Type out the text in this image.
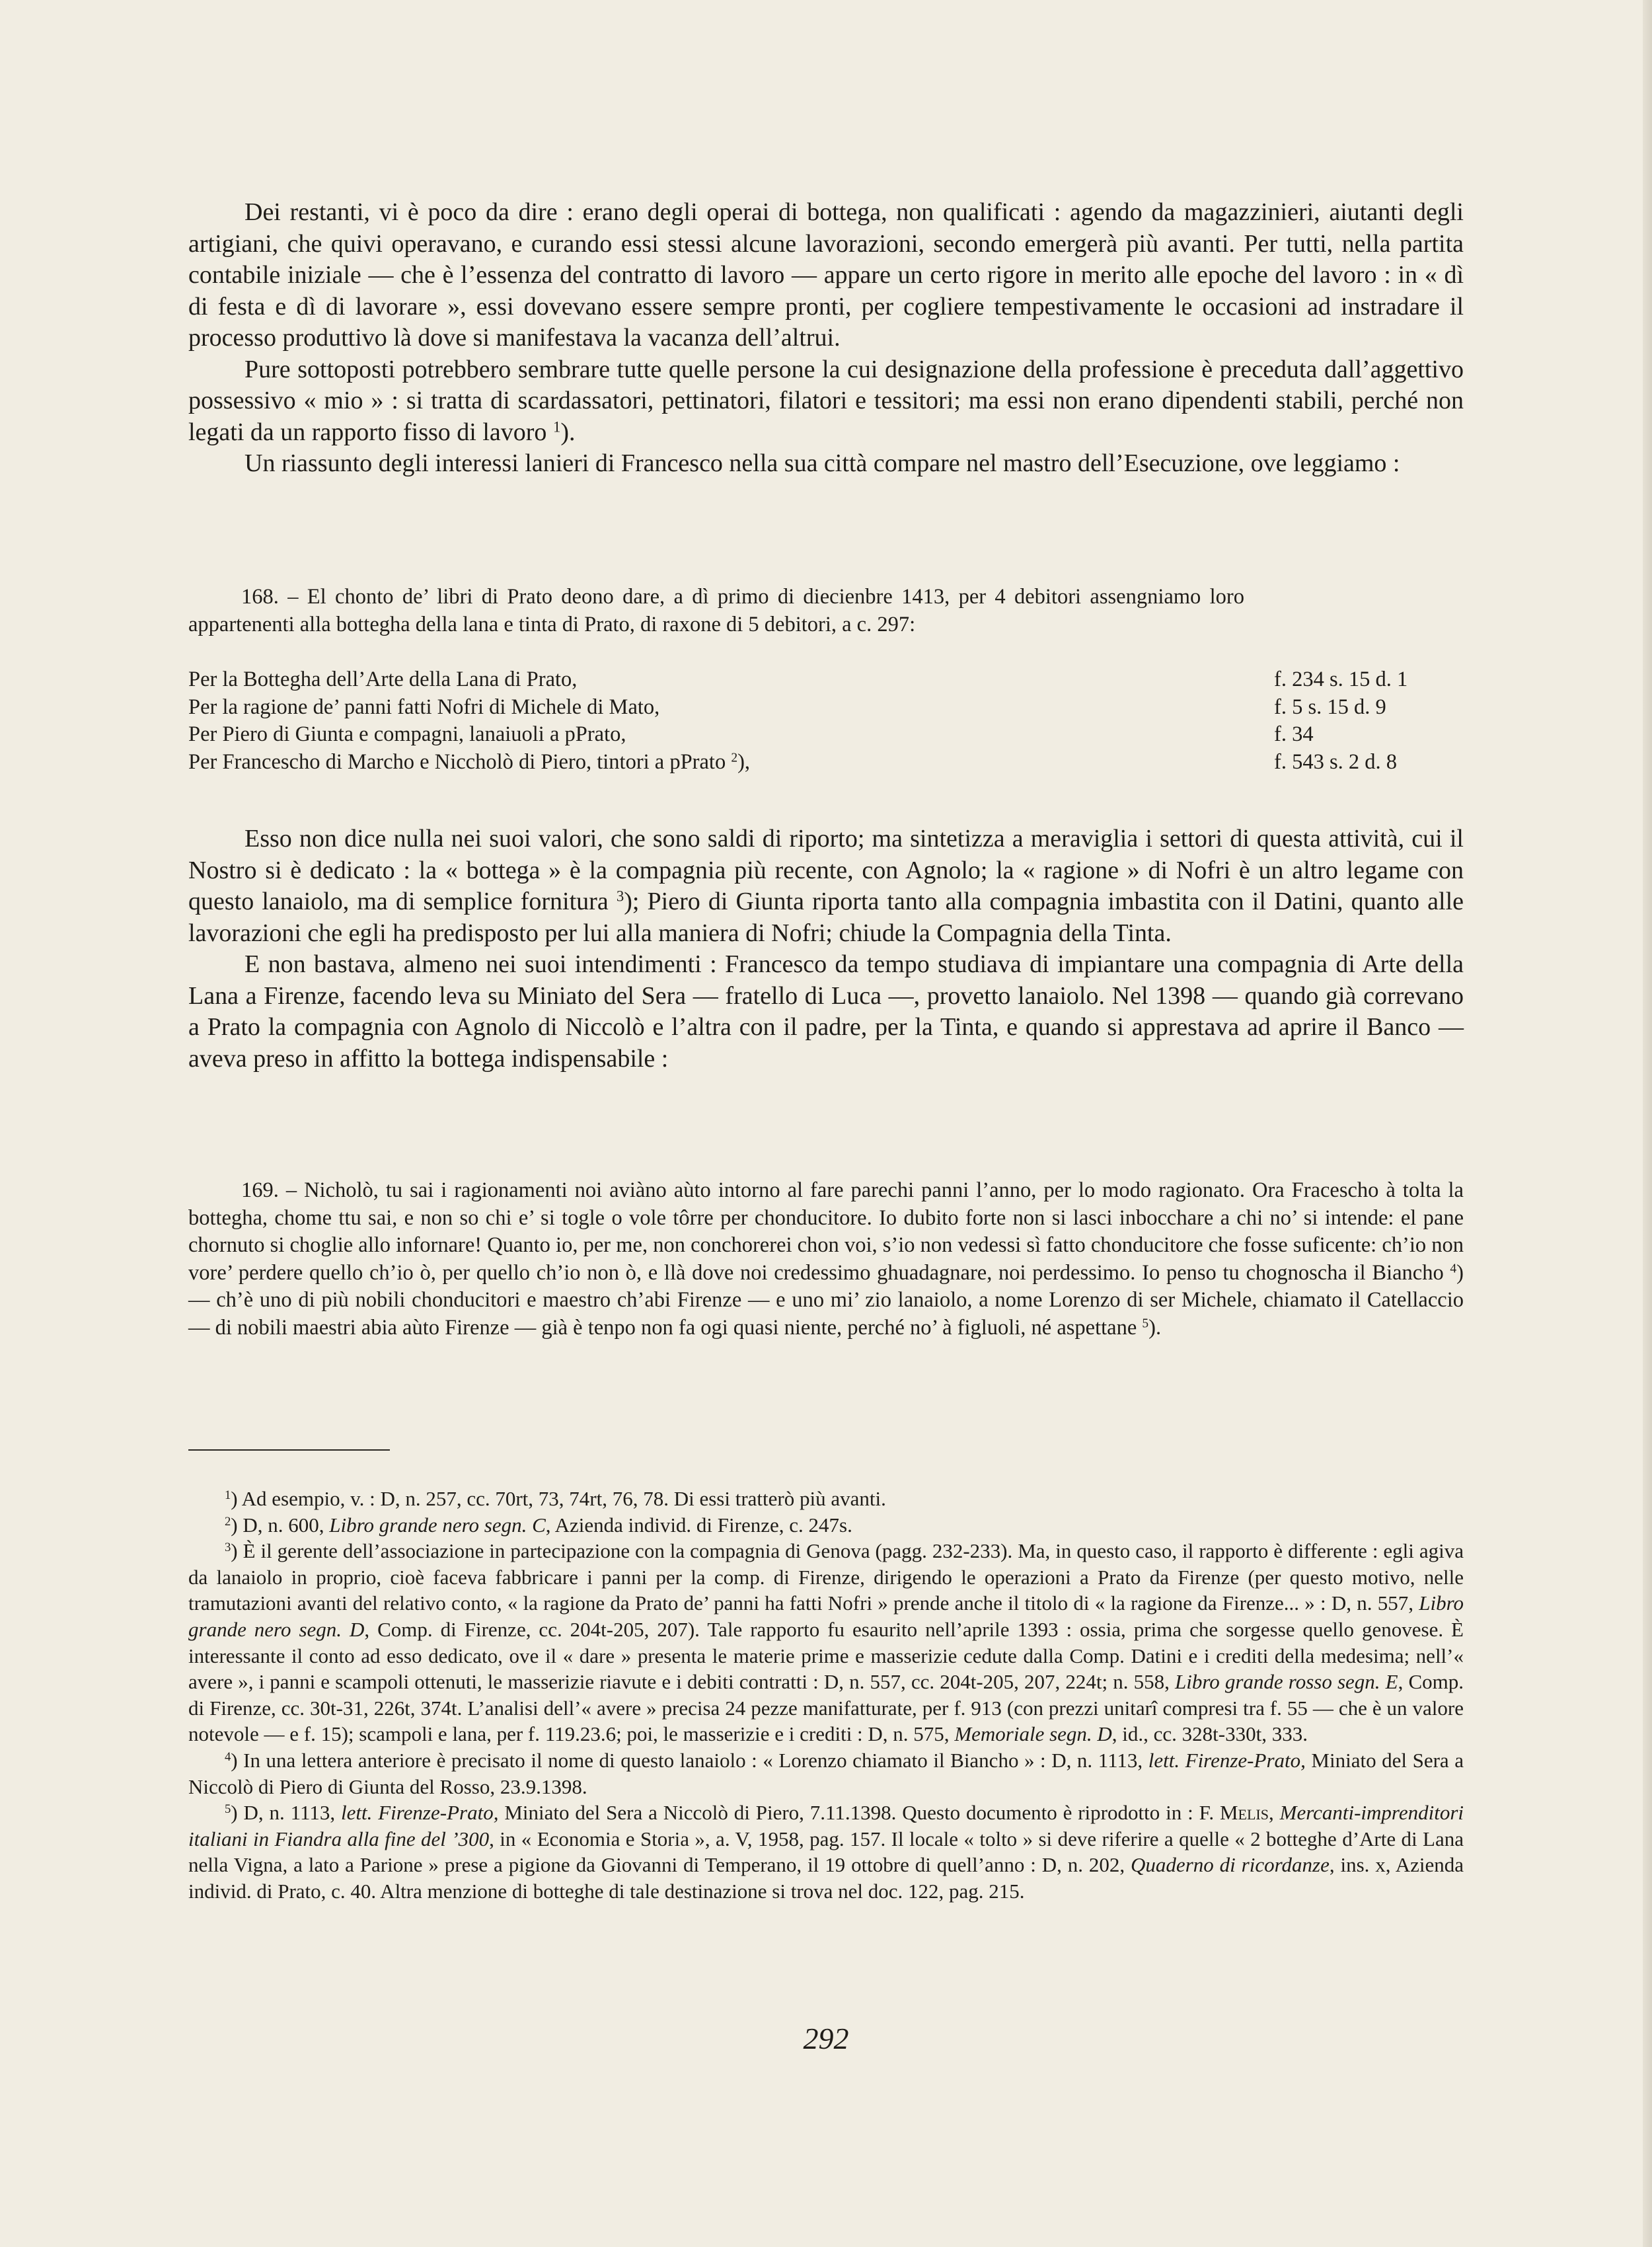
Dei restanti, vi è poco da dire : erano degli operai di bottega, non qualificati : agendo da magazzinieri, aiutanti degli artigiani, che quivi operavano, e curando essi stessi alcune lavorazioni, secondo emergerà più avanti. Per tutti, nella partita contabile iniziale — che è l’essenza del contratto di lavoro — appare un certo rigore in merito alle epoche del lavoro : in « dì di festa e dì di lavorare », essi dovevano essere sempre pronti, per cogliere tempestivamente le occasioni ad instradare il processo produttivo là dove si manifestava la vacanza dell’altrui.

Pure sottoposti potrebbero sembrare tutte quelle persone la cui designazione della professione è preceduta dall’aggettivo possessivo « mio » : si tratta di scardassatori, pettinatori, filatori e tessitori; ma essi non erano dipendenti stabili, perché non legati da un rapporto fisso di lavoro $^1$).

Un riassunto degli interessi lanieri di Francesco nella sua città compare nel mastro dell’Esecuzione, ove leggiamo :

168. – El chonto de’ libri di Prato deono dare, a dì primo di diecienbre 1413, per 4 debitori assengniamo loro appartenenti alla bottegha della lana e tinta di Prato, di raxone di 5 debitori, a c. 297:

Per la Bottegha dell’Arte della Lana di Prato,	f. 234 s. 15 d. 1
Per la ragione de’ panni fatti Nofri di Michele di Mato,	f. 5 s. 15 d. 9
Per Piero di Giunta e compagni, lanaiuoli a pPrato,	f. 34
Per Francescho di Marcho e Niccholò di Piero, tintori a pPrato $^2$),	f. 543 s. 2 d. 8

Esso non dice nulla nei suoi valori, che sono saldi di riporto; ma sintetizza a meraviglia i settori di questa attività, cui il Nostro si è dedicato : la « bottega » è la compagnia più recente, con Agnolo; la « ragione » di Nofri è un altro legame con questo lanaiolo, ma di semplice fornitura $^3$); Piero di Giunta riporta tanto alla compagnia imbastita con il Datini, quanto alle lavorazioni che egli ha predisposto per lui alla maniera di Nofri; chiude la Compagnia della Tinta.

E non bastava, almeno nei suoi intendimenti : Francesco da tempo studiava di impiantare una compagnia di Arte della Lana a Firenze, facendo leva su Miniato del Sera — fratello di Luca —, provetto lanaiolo. Nel 1398 — quando già correvano a Prato la compagnia con Agnolo di Niccolò e l’altra con il padre, per la Tinta, e quando si apprestava ad aprire il Banco — aveva preso in affitto la bottega indispensabile :

169. – Nicholò, tu sai i ragionamenti noi aviàno aùto intorno al fare parechi panni l’anno, per lo modo ragionato. Ora Fracescho à tolta la bottegha, chome ttu sai, e non so chi e’ si togle o vole tôrre per chonducitore. Io dubito forte non si lasci inbocchare a chi no’ si intende: el pane chornuto si choglie allo infornare! Quanto io, per me, non conchorerei chon voi, s’io non vedessi sì fatto chonducitore che fosse suficente: ch’io non vore’ perdere quello ch’io ò, per quello ch’io non ò, e llà dove noi credessimo ghuadagnare, noi perdessimo. Io penso tu chognoscha il Biancho $^4$) — ch’è uno di più nobili chonducitori e maestro ch’abi Firenze — e uno mi’ zio lanaiolo, a nome Lorenzo di ser Michele, chiamato il Catellaccio — di nobili maestri abia aùto Firenze — già è tenpo non fa ogi quasi niente, perché no’ à figluoli, né aspettane $^5$).

$^1$) Ad esempio, v. : D, n. 257, cc. 70rt, 73, 74rt, 76, 78. Di essi tratterò più avanti.

$^2$) D, n. 600, Libro grande nero segn. C, Azienda individ. di Firenze, c. 247s.

$^3$) È il gerente dell’associazione in partecipazione con la compagnia di Genova (pagg. 232-233). Ma, in questo caso, il rapporto è differente : egli agiva da lanaiolo in proprio, cioè faceva fabbricare i panni per la comp. di Firenze, dirigendo le operazioni a Prato da Firenze (per questo motivo, nelle tramutazioni avanti del relativo conto, « la ragione da Prato de’ panni ha fatti Nofri » prende anche il titolo di « la ragione da Firenze... » : D, n. 557, Libro grande nero segn. D, Comp. di Firenze, cc. 204t-205, 207). Tale rapporto fu esaurito nell’aprile 1393 : ossia, prima che sorgesse quello genovese. È interessante il conto ad esso dedicato, ove il « dare » presenta le materie prime e masserizie cedute dalla Comp. Datini e i crediti della medesima; nell’« avere », i panni e scampoli ottenuti, le masserizie riavute e i debiti contratti : D, n. 557, cc. 204t-205, 207, 224t; n. 558, Libro grande rosso segn. E, Comp. di Firenze, cc. 30t-31, 226t, 374t. L’analisi dell’« avere » precisa 24 pezze manifatturate, per f. 913 (con prezzi unitarî compresi tra f. 55 — che è un valore notevole — e f. 15); scampoli e lana, per f. 119.23.6; poi, le masserizie e i crediti : D, n. 575, Memoriale segn. D, id., cc. 328t-330t, 333.

$^4$) In una lettera anteriore è precisato il nome di questo lanaiolo : « Lorenzo chiamato il Biancho » : D, n. 1113, lett. Firenze-Prato, Miniato del Sera a Niccolò di Piero di Giunta del Rosso, 23.9.1398.

$^5$) D, n. 1113, lett. Firenze-Prato, Miniato del Sera a Niccolò di Piero, 7.11.1398. Questo documento è riprodotto in : F. Melis, Mercanti-imprenditori italiani in Fiandra alla fine del ’300, in « Economia e Storia », a. V, 1958, pag. 157. Il locale « tolto » si deve riferire a quelle « 2 botteghe d’Arte di Lana nella Vigna, a lato a Parione » prese a pigione da Giovanni di Temperano, il 19 ottobre di quell’anno : D, n. 202, Quaderno di ricordanze, ins. x, Azienda individ. di Prato, c. 40. Altra menzione di botteghe di tale destinazione si trova nel doc. 122, pag. 215.

292
